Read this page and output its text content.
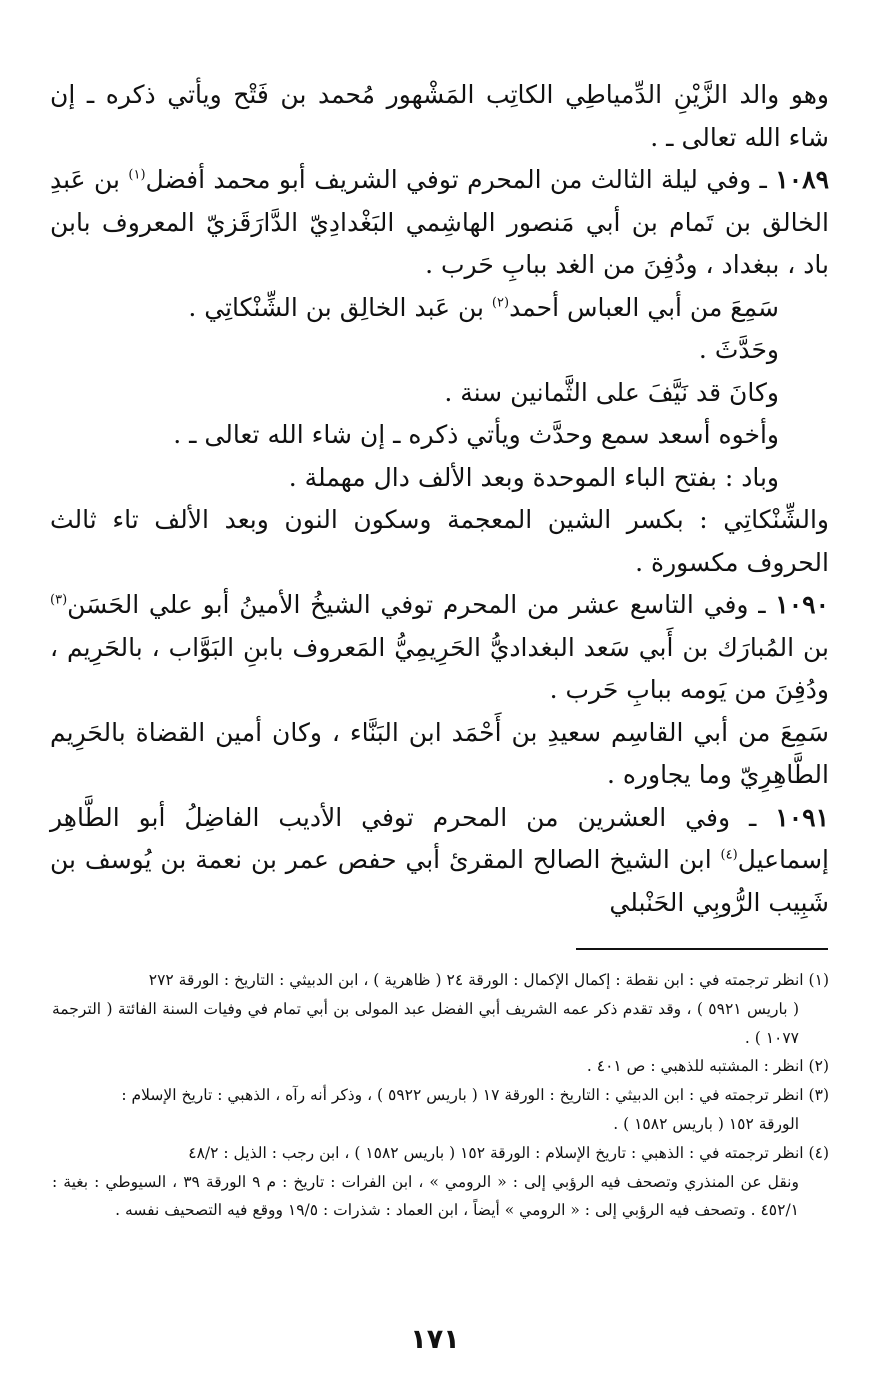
وهو والد الزَّيْنِ الدِّمياطِي الكاتِب المَشْهور مُحمد بن فَتْح ويأتي ذكره ـ إن شاء الله تعالى ـ .

١٠٨٩ ـ وفي ليلة الثالث من المحرم توفي الشريف أبو محمد أفضل$^{(١)}$ بن عَبدِ الخالق بن تَمام بن أبي مَنصور الهاشِمي البَغْدادِيّ الدَّارَقَزيّ المعروف بابن باد ، ببغداد ، ودُفِنَ من الغد ببابِ حَرب .

سَمِعَ من أبي العباس أحمد$^{(٢)}$ بن عَبد الخالِق بن الشِّنْكاتِي .

وحَدَّثَ .

وكانَ قد نَيَّفَ على الثَّمانين سنة .

وأخوه أسعد سمع وحدَّث ويأتي ذكره ـ إن شاء الله تعالى ـ .

وباد : بفتح الباء الموحدة وبعد الألف دال مهملة .

والشِّنْكاتِي : بكسر الشين المعجمة وسكون النون وبعد الألف تاء ثالث الحروف مكسورة .

١٠٩٠ ـ وفي التاسع عشر من المحرم توفي الشيخُ الأمينُ أبو علي الحَسَن$^{(٣)}$ بن المُبارَك بن أَبي سَعد البغداديُّ الحَرِيمِيُّ المَعروف بابنِ البَوَّاب ، بالحَرِيم ، ودُفِنَ من يَومه ببابِ حَرب .

سَمِعَ من أبي القاسِم سعيدِ بن أَحْمَد ابن البَنَّاء ، وكان أمين القضاة بالحَرِيم الطَّاهِرِيّ وما يجاوره .

١٠٩١ ـ وفي العشرين من المحرم توفي الأديب الفاضِلُ أبو الطَّاهِر إسماعيل$^{(٤)}$ ابن الشيخ الصالح المقرئ أبي حفص عمر بن نعمة بن يُوسف بن شَبِيب الرُّوبِي الحَنْبلي

(١) انظر ترجمته في : ابن نقطة : إكمال الإكمال : الورقة ٢٤ ( ظاهرية ) ، ابن الدبيثي : التاريخ : الورقة ٢٧٢
( باريس ٥٩٢١ ) ، وقد تقدم ذكر عمه الشريف أبي الفضل عبد المولى بن أبي تمام في وفيات السنة الفائتة ( الترجمة ١٠٧٧ ) .

(٢) انظر : المشتبه للذهبي : ص ٤٠١ .

(٣) انظر ترجمته في : ابن الدبيثي : التاريخ : الورقة ١٧ ( باريس ٥٩٢٢ ) ، وذكر أنه رآه ، الذهبي : تاريخ الإسلام :
الورقة ١٥٢ ( باريس ١٥٨٢ ) .

(٤) انظر ترجمته في : الذهبي : تاريخ الإسلام : الورقة ١٥٢ ( باريس ١٥٨٢ ) ، ابن رجب : الذيل : ٤٨/٢
ونقل عن المنذري وتصحف فيه الرؤبي إلى : « الرومي » ، ابن الفرات : تاريخ : م ٩ الورقة ٣٩ ، السيوطي : بغية : ٤٥٢/١ . وتصحف فيه الرؤبي إلى : « الرومي » أيضاً ، ابن العماد : شذرات : ١٩/٥ ووقع فيه التصحيف نفسه .

١٧١
